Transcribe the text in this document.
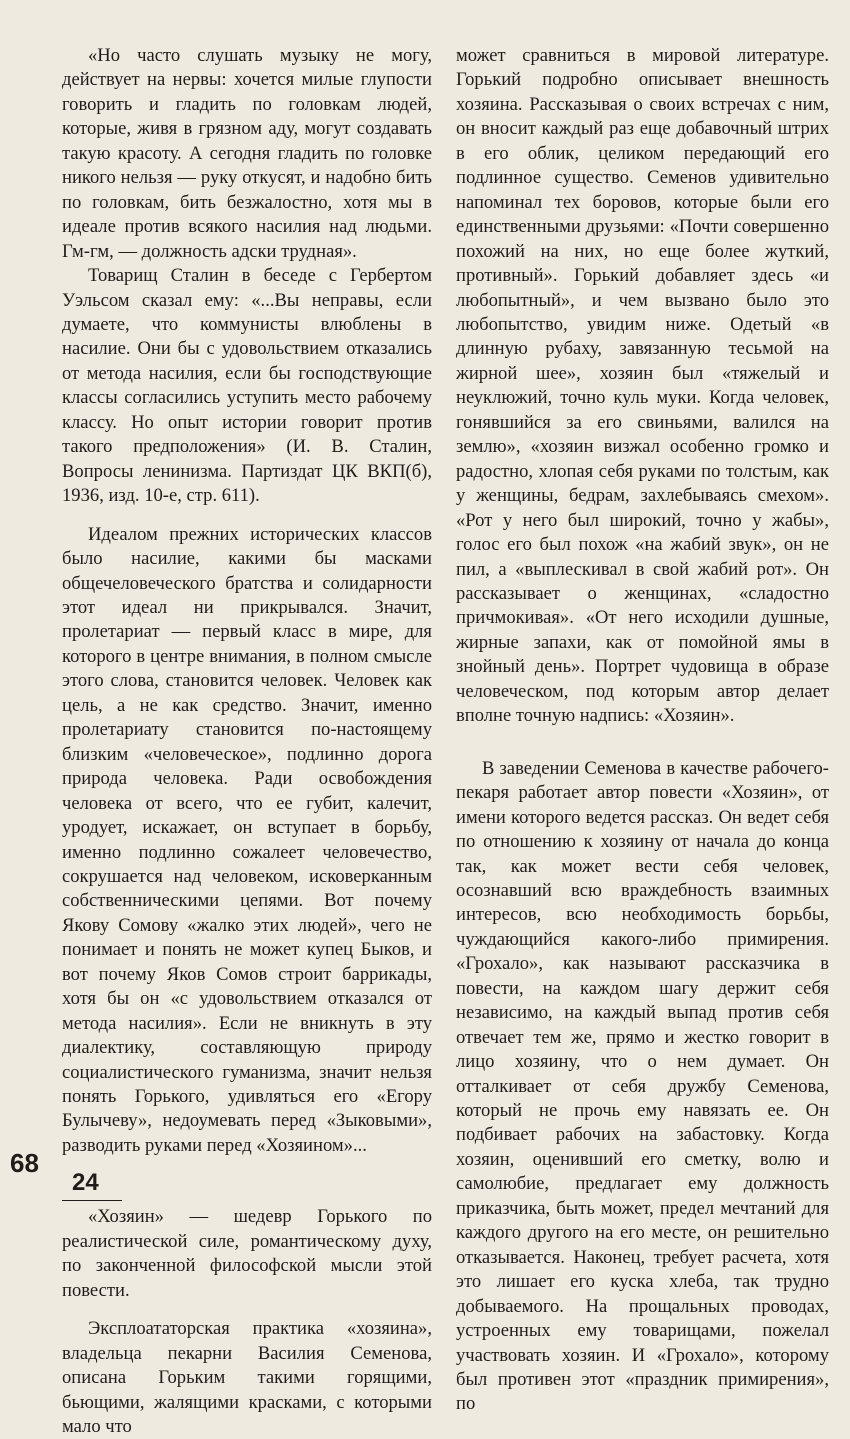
«Но часто слушать музыку не могу, действует на нервы: хочется милые глупости говорить и гладить по головкам людей, которые, живя в грязном аду, могут создавать такую красоту. А сегодня гладить по головке никого нельзя — руку откусят, и надобно бить по головкам, бить безжалостно, хотя мы в идеале против всякого насилия над людьми. Гм-гм, — должность адски трудная».

Товарищ Сталин в беседе с Гербертом Уэльсом сказал ему: «...Вы неправы, если думаете, что коммунисты влюблены в насилие. Они бы с удовольствием отказались от метода насилия, если бы господствующие классы согласились уступить место рабочему классу. Но опыт истории говорит против такого предположения» (И. В. Сталин, Вопросы ленинизма. Партиздат ЦК ВКП(б), 1936, изд. 10-е, стр. 611).

Идеалом прежних исторических классов было насилие, какими бы масками общечеловеческого братства и солидарности этот идеал ни прикрывался. Значит, пролетариат — первый класс в мире, для которого в центре внимания, в полном смысле этого слова, становится человек. Человек как цель, а не как средство. Значит, именно пролетариату становится по-настоящему близким «человеческое», подлинно дорога природа человека. Ради освобождения человека от всего, что ее губит, калечит, уродует, искажает, он вступает в борьбу, именно подлинно сожалеет человечество, сокрушается над человеком, исковерканным собственническими цепями. Вот почему Якову Сомову «жалко этих людей», чего не понимает и понять не может купец Быков, и вот почему Яков Сомов строит баррикады, хотя бы он «с удовольствием отказался от метода насилия». Если не вникнуть в эту диалектику, составляющую природу социалистического гуманизма, значит нельзя понять Горького, удивляться его «Егору Булычеву», недоумевать перед «Зыковыми», разводить руками перед «Хозяином»...

24

«Хозяин» — шедевр Горького по реалистической силе, романтическому духу, по законченной философской мысли этой повести.

Эксплоататорская практика «хозяина», владельца пекарни Василия Семенова, описана Горьким такими горящими, бьющими, жалящими красками, с которыми мало что

может сравниться в мировой литературе. Горький подробно описывает внешность хозяина. Рассказывая о своих встречах с ним, он вносит каждый раз еще добавочный штрих в его облик, целиком передающий его подлинное существо. Семенов удивительно напоминал тех боровов, которые были его единственными друзьями: «Почти совершенно похожий на них, но еще более жуткий, противный». Горький добавляет здесь «и любопытный», и чем вызвано было это любопытство, увидим ниже. Одетый «в длинную рубаху, завязанную тесьмой на жирной шее», хозяин был «тяжелый и неуклюжий, точно куль муки. Когда человек, гонявшийся за его свиньями, валился на землю», «хозяин визжал особенно громко и радостно, хлопая себя руками по толстым, как у женщины, бедрам, захлебываясь смехом». «Рот у него был широкий, точно у жабы», голос его был похож «на жабий звук», он не пил, а «выплескивал в свой жабий рот». Он рассказывает о женщинах, «сладостно причмокивая». «От него исходили душные, жирные запахи, как от помойной ямы в знойный день». Портрет чудовища в образе человеческом, под которым автор делает вполне точную надпись: «Хозяин».

В заведении Семенова в качестве рабочего-пекаря работает автор повести «Хозяин», от имени которого ведется рассказ. Он ведет себя по отношению к хозяину от начала до конца так, как может вести себя человек, осознавший всю враждебность взаимных интересов, всю необходимость борьбы, чуждающийся какого-либо примирения. «Грохало», как называют рассказчика в повести, на каждом шагу держит себя независимо, на каждый выпад против себя отвечает тем же, прямо и жестко говорит в лицо хозяину, что о нем думает. Он отталкивает от себя дружбу Семенова, который не прочь ему навязать ее. Он подбивает рабочих на забастовку. Когда хозяин, оценивший его сметку, волю и самолюбие, предлагает ему должность приказчика, быть может, предел мечтаний для каждого другого на его месте, он решительно отказывается. Наконец, требует расчета, хотя это лишает его куска хлеба, так трудно добываемого. На прощальных проводах, устроенных ему товарищами, пожелал участвовать хозяин. И «Грохало», которому был противен этот «праздник примирения», по

68
